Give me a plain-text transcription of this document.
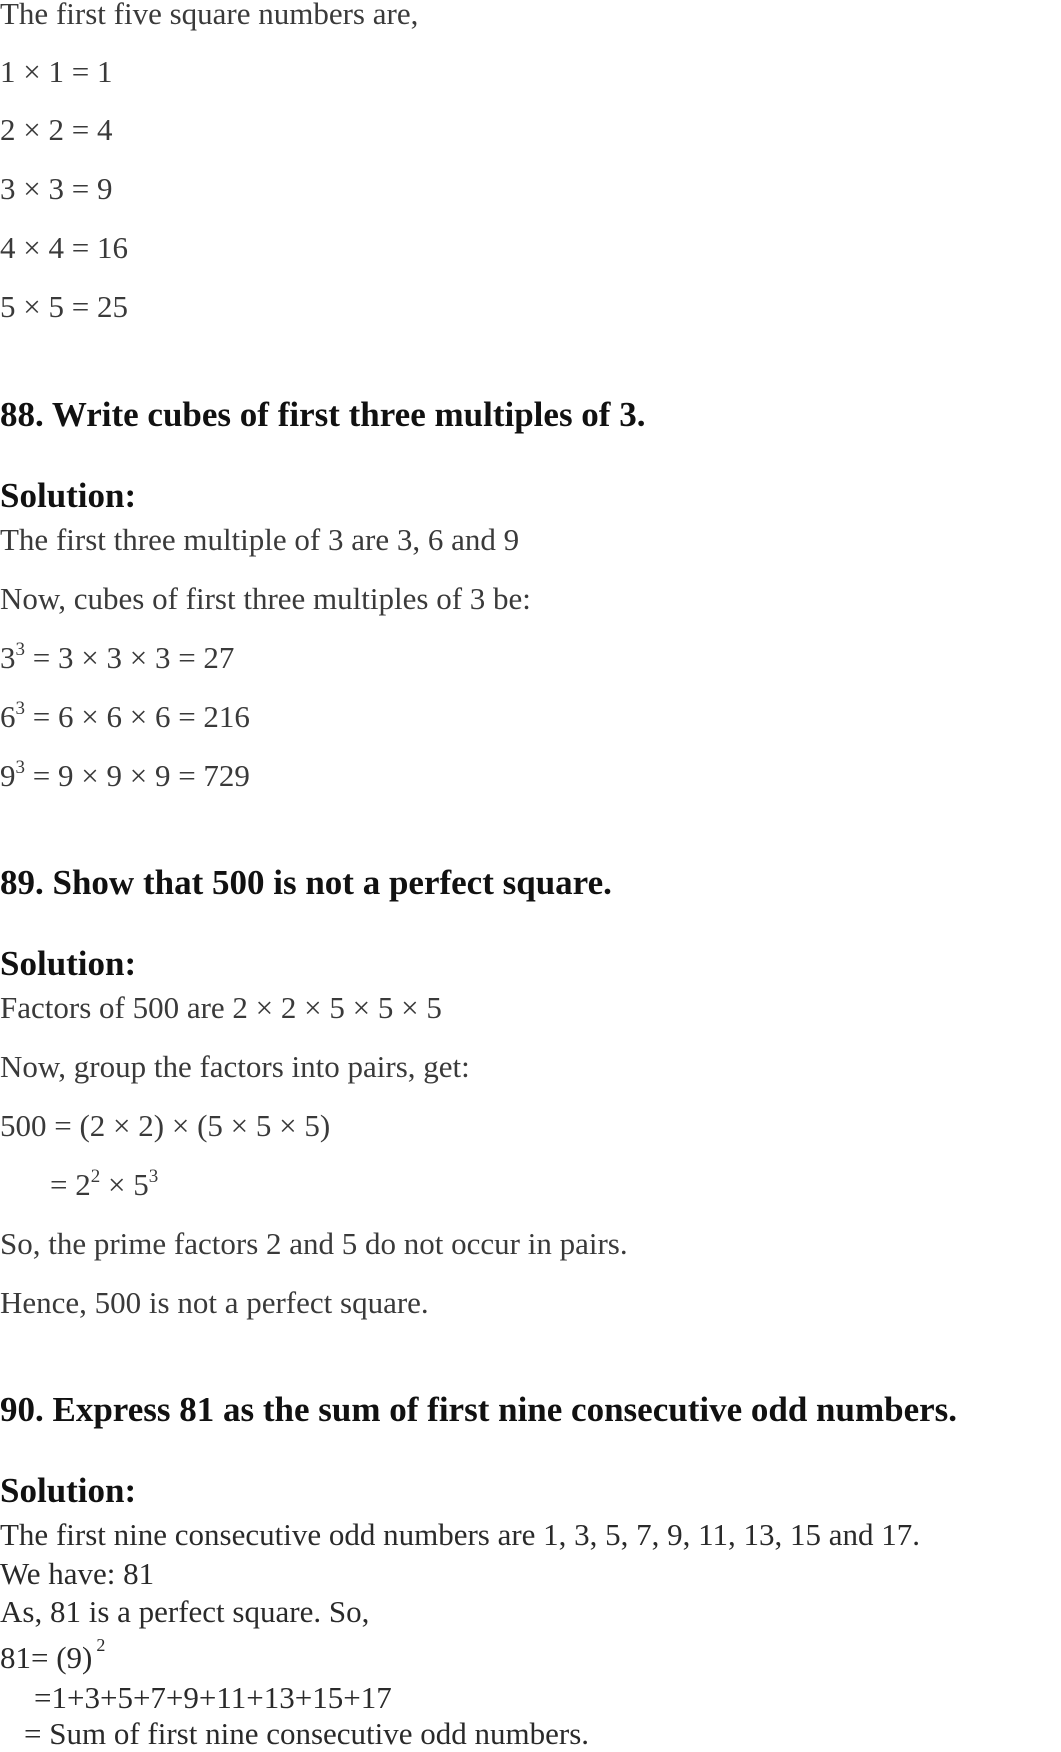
The first five square numbers are,
1 × 1 = 1
2 × 2 = 4
3 × 3 = 9
4 × 4 = 16
5 × 5 = 25
88. Write cubes of first three multiples of 3.
Solution:
The first three multiple of 3 are 3, 6 and 9
Now, cubes of first three multiples of 3 be:
$3^3 = 3 \times 3 \times 3 = 27$
$6^3 = 6 \times 6 \times 6 = 216$
$9^3 = 9 \times 9 \times 9 = 729$
89. Show that 500 is not a perfect square.
Solution:
Factors of 500 are 2 × 2 × 5 × 5 × 5
Now, group the factors into pairs, get:
500 = (2 × 2) × (5 × 5 × 5)
= $2^2 \times 5^3$
So, the prime factors 2 and 5 do not occur in pairs.
Hence, 500 is not a perfect square.
90. Express 81 as the sum of first nine consecutive odd numbers.
Solution:
The first nine consecutive odd numbers are 1, 3, 5, 7, 9, 11, 13, 15 and 17.
We have: 81
As, 81 is a perfect square. So,
81= (9) $^2$
=1+3+5+7+9+11+13+15+17
= Sum of first nine consecutive odd numbers.
